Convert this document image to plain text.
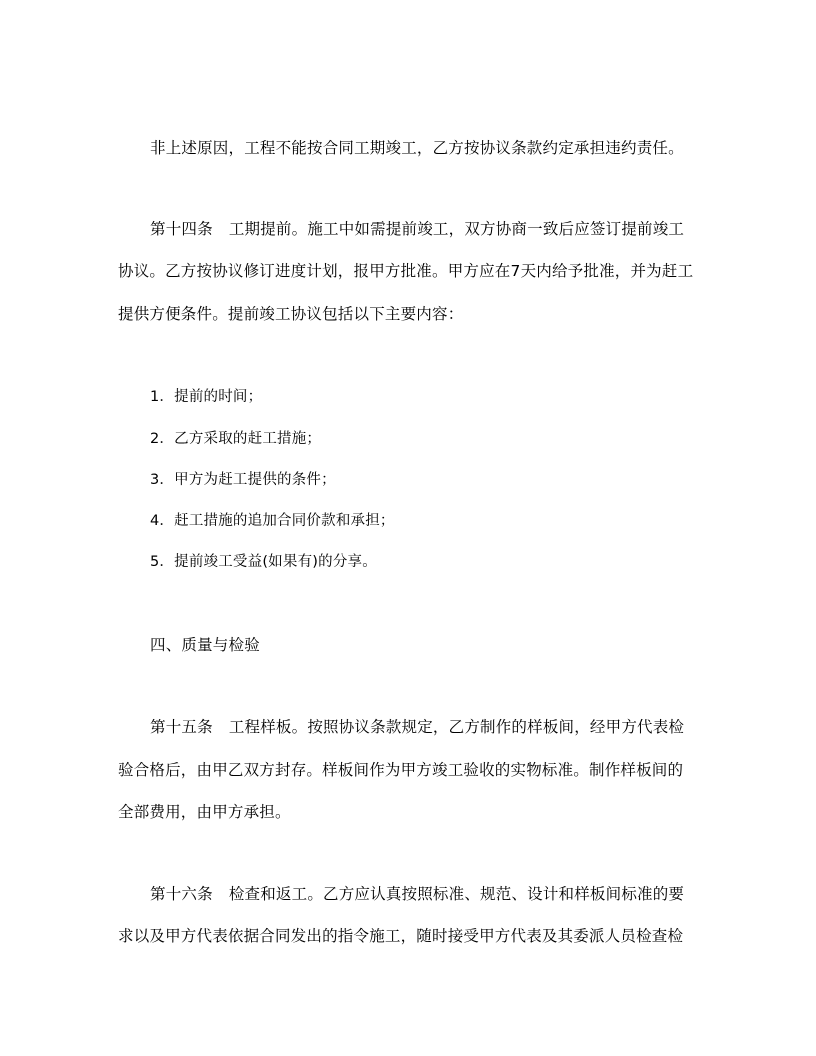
非上述原因，工程不能按合同工期竣工，乙方按协议条款约定承担违约责任。
第十四条 工期提前。施工中如需提前竣工，双方协商一致后应签订提前竣工
协议。乙方按协议修订进度计划，报甲方批准。甲方应在7天内给予批准，并为赶工
提供方便条件。提前竣工协议包括以下主要内容：
1．提前的时间；
2．乙方采取的赶工措施；
3．甲方为赶工提供的条件；
4．赶工措施的追加合同价款和承担；
5．提前竣工受益(如果有)的分享。
四、质量与检验
第十五条 工程样板。按照协议条款规定，乙方制作的样板间，经甲方代表检
验合格后，由甲乙双方封存。样板间作为甲方竣工验收的实物标准。制作样板间的
全部费用，由甲方承担。
第十六条 检查和返工。乙方应认真按照标准、规范、设计和样板间标准的要
求以及甲方代表依据合同发出的指令施工，随时接受甲方代表及其委派人员检查检
